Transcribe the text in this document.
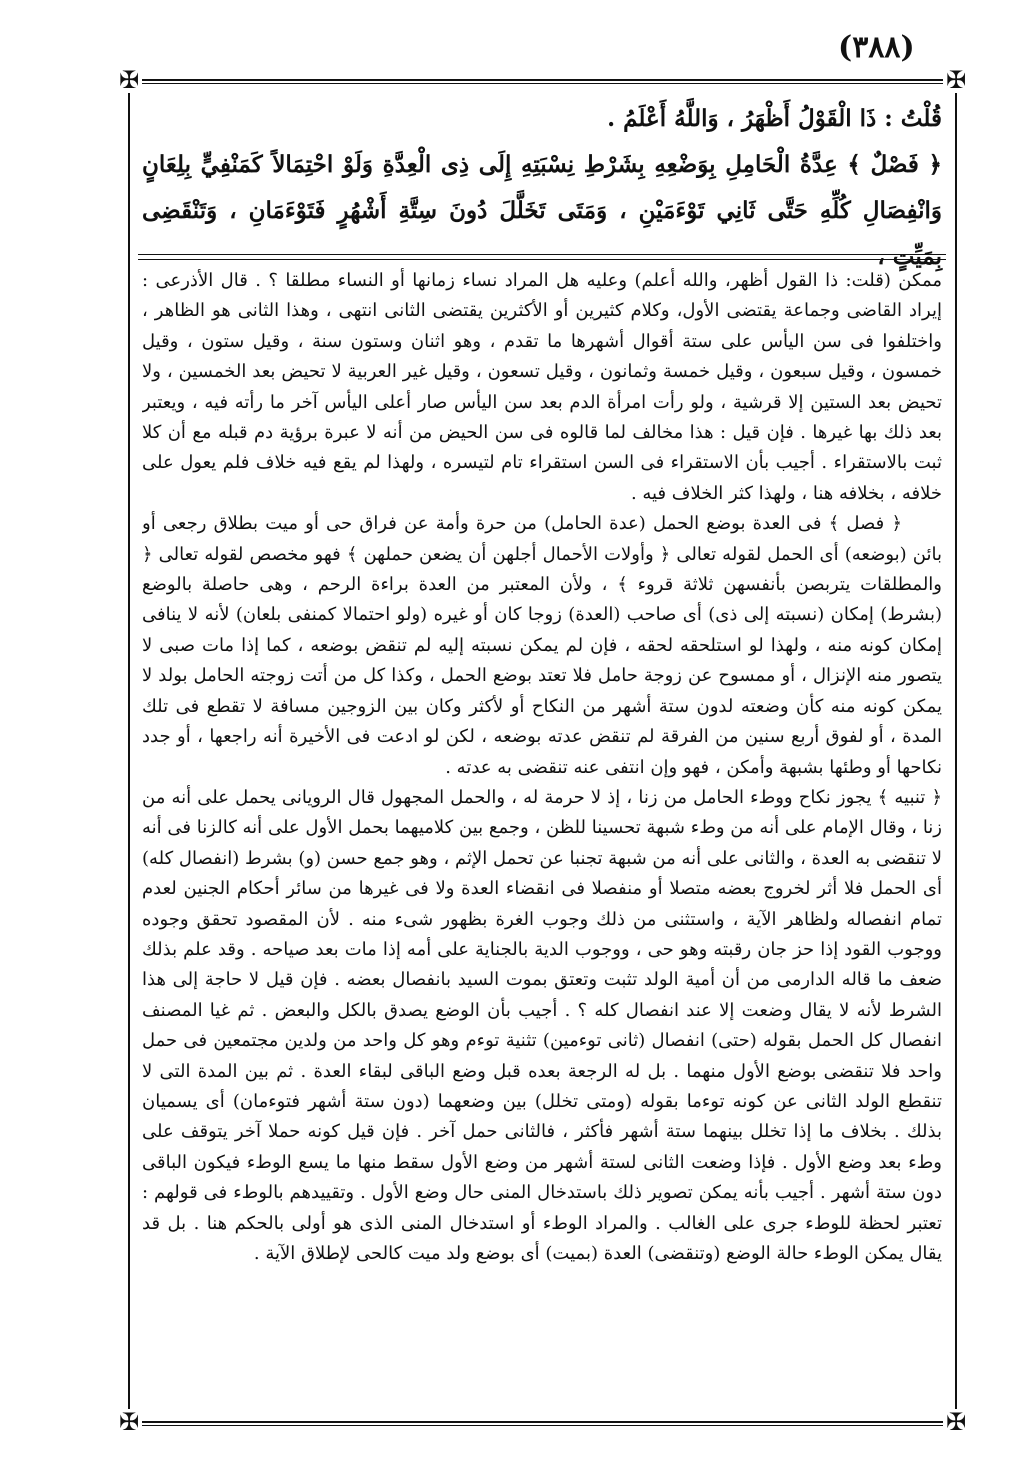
(٣٨٨)
✠	✠
✠	✠

قُلْتُ : ذَا الْقَوْلُ أَظْهَرُ ، وَاللَّهُ أَعْلَمُ .

﴿ فَصْلٌ ﴾ عِدَّةُ الْحَامِلِ بِوَضْعِهِ بِشَرْطِ نِسْبَتِهِ إِلَى ذِى الْعِدَّةِ وَلَوْ احْتِمَالاً كَمَنْفِيٍّ بِلِعَانٍ وَانْفِصَالِ كُلِّهِ حَتَّى ثَانِي تَوْءَمَيْنِ ، وَمَتَى تَخَلَّلَ دُونَ سِتَّةِ أَشْهُرٍ فَتَوْءَمَانِ ، وَتَنْقَضِى بِمَيِّتٍ ،

ممكن (قلت: ذا القول أظهر، والله أعلم) وعليه هل المراد نساء زمانها أو النساء مطلقا ؟ . قال الأذرعى : إيراد القاضى وجماعة يقتضى الأول، وكلام كثيرين أو الأكثرين يقتضى الثانى انتهى ، وهذا الثانى هو الظاهر ، واختلفوا فى سن اليأس على ستة أقوال أشهرها ما تقدم ، وهو اثنان وستون سنة ، وقيل ستون ، وقيل خمسون ، وقيل سبعون ، وقيل خمسة وثمانون ، وقيل تسعون ، وقيل غير العربية لا تحيض بعد الخمسين ، ولا تحيض بعد الستين إلا قرشية ، ولو رأت امرأة الدم بعد سن اليأس صار أعلى اليأس آخر ما رأته فيه ، ويعتبر بعد ذلك بها غيرها . فإن قيل : هذا مخالف لما قالوه فى سن الحيض من أنه لا عبرة برؤية دم قبله مع أن كلا ثبت بالاستقراء . أجيب بأن الاستقراء فى السن استقراء تام لتيسره ، ولهذا لم يقع فيه خلاف فلم يعول على خلافه ، بخلافه هنا ، ولهذا كثر الخلاف فيه .

﴿ فصل ﴾ فى العدة بوضع الحمل (عدة الحامل) من حرة وأمة عن فراق حى أو ميت بطلاق رجعى أو بائن (بوضعه) أى الحمل لقوله تعالى ﴿ وأولات الأحمال أجلهن أن يضعن حملهن ﴾ فهو مخصص لقوله تعالى ﴿ والمطلقات يتربصن بأنفسهن ثلاثة قروء ﴾ ، ولأن المعتبر من العدة براءة الرحم ، وهى حاصلة بالوضع (بشرط) إمكان (نسبته إلى ذى) أى صاحب (العدة) زوجا كان أو غيره (ولو احتمالا كمنفى بلعان) لأنه لا ينافى إمكان كونه منه ، ولهذا لو استلحقه لحقه ، فإن لم يمكن نسبته إليه لم تنقض بوضعه ، كما إذا مات صبى لا يتصور منه الإنزال ، أو ممسوح عن زوجة حامل فلا تعتد بوضع الحمل ، وكذا كل من أتت زوجته الحامل بولد لا يمكن كونه منه كأن وضعته لدون ستة أشهر من النكاح أو لأكثر وكان بين الزوجين مسافة لا تقطع فى تلك المدة ، أو لفوق أربع سنين من الفرقة لم تنقض عدته بوضعه ، لكن لو ادعت فى الأخيرة أنه راجعها ، أو جدد نكاحها أو وطئها بشبهة وأمكن ، فهو وإن انتفى عنه تنقضى به عدته .

﴿ تنبيه ﴾ يجوز نكاح ووطء الحامل من زنا ، إذ لا حرمة له ، والحمل المجهول قال الرويانى يحمل على أنه من زنا ، وقال الإمام على أنه من وطء شبهة تحسينا للظن ، وجمع بين كلاميهما بحمل الأول على أنه كالزنا فى أنه لا تنقضى به العدة ، والثانى على أنه من شبهة تجنبا عن تحمل الإثم ، وهو جمع حسن (و) بشرط (انفصال كله) أى الحمل فلا أثر لخروج بعضه متصلا أو منفصلا فى انقضاء العدة ولا فى غيرها من سائر أحكام الجنين لعدم تمام انفصاله ولظاهر الآية ، واستثنى من ذلك وجوب الغرة بظهور شىء منه . لأن المقصود تحقق وجوده ووجوب القود إذا حز جان رقبته وهو حى ، ووجوب الدية بالجناية على أمه إذا مات بعد صياحه . وقد علم بذلك ضعف ما قاله الدارمى من أن أمية الولد تثبت وتعتق بموت السيد بانفصال بعضه . فإن قيل لا حاجة إلى هذا الشرط لأنه لا يقال وضعت إلا عند انفصال كله ؟ . أجيب بأن الوضع يصدق بالكل والبعض . ثم غيا المصنف انفصال كل الحمل بقوله (حتى) انفصال (ثانى توءمين) تثنية توءم وهو كل واحد من ولدين مجتمعين فى حمل واحد فلا تنقضى بوضع الأول منهما . بل له الرجعة بعده قبل وضع الباقى لبقاء العدة . ثم بين المدة التى لا تنقطع الولد الثانى عن كونه توءما بقوله (ومتى تخلل) بين وضعهما (دون ستة أشهر فتوءمان) أى يسميان بذلك . بخلاف ما إذا تخلل بينهما ستة أشهر فأكثر ، فالثانى حمل آخر . فإن قيل كونه حملا آخر يتوقف على وطء بعد وضع الأول . فإذا وضعت الثانى لستة أشهر من وضع الأول سقط منها ما يسع الوطء فيكون الباقى دون ستة أشهر . أجيب بأنه يمكن تصوير ذلك باستدخال المنى حال وضع الأول . وتقييدهم بالوطء فى قولهم : تعتبر لحظة للوطء جرى على الغالب . والمراد الوطء أو استدخال المنى الذى هو أولى بالحكم هنا . بل قد يقال يمكن الوطء حالة الوضع (وتنقضى) العدة (بميت) أى بوضع ولد ميت كالحى لإطلاق الآية .
